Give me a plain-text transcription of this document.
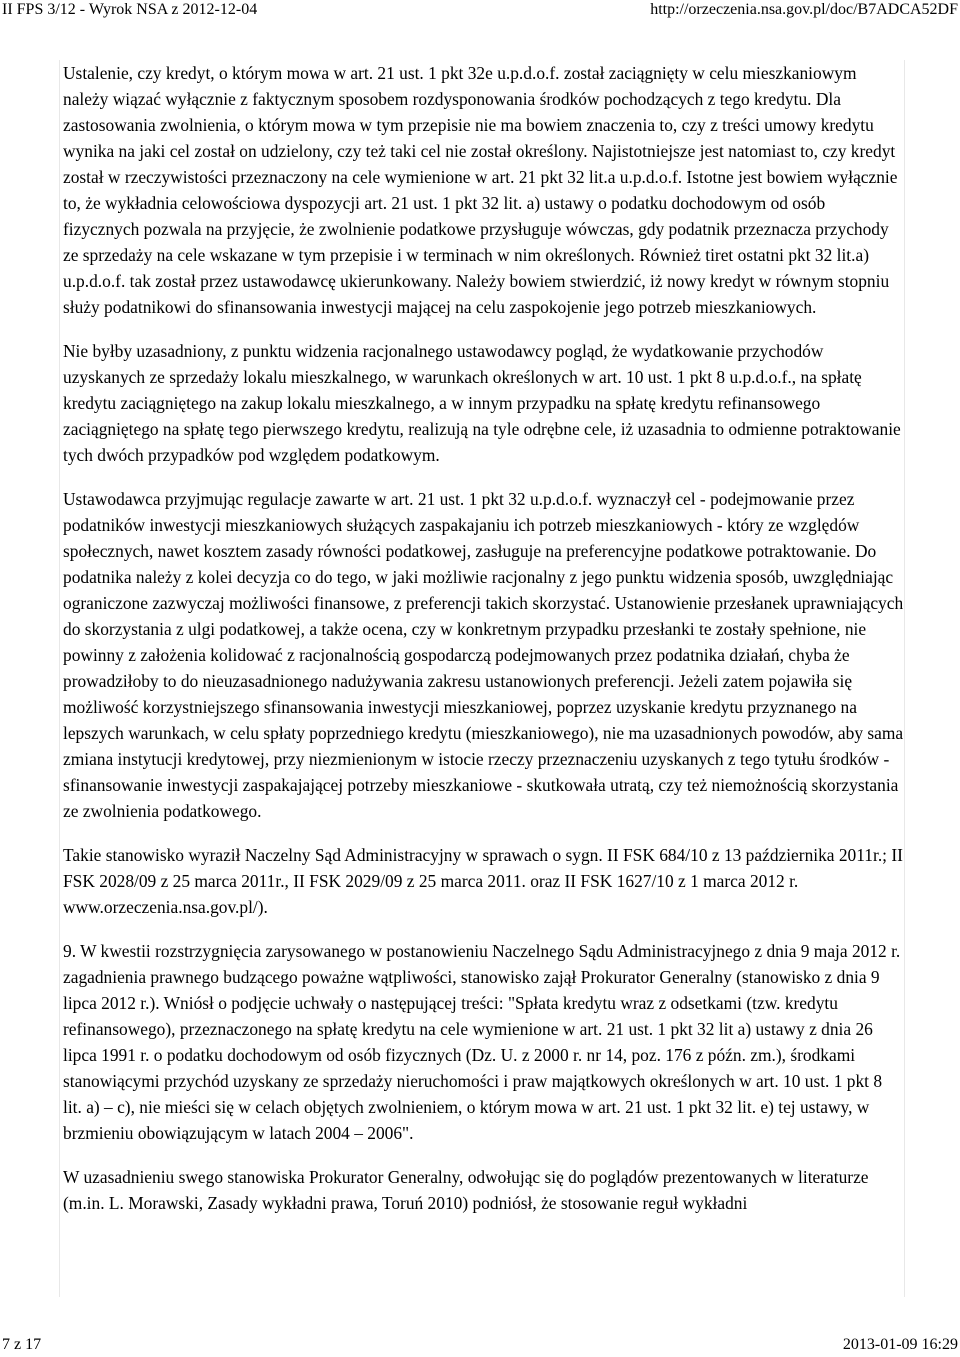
II FPS 3/12 - Wyrok NSA z 2012-12-04	http://orzeczenia.nsa.gov.pl/doc/B7ADCA52DF

Ustalenie, czy kredyt, o którym mowa w art. 21 ust. 1 pkt 32e u.p.d.o.f. został zaciągnięty w celu mieszkaniowym należy wiązać wyłącznie z faktycznym sposobem rozdysponowania środków pochodzących z tego kredytu. Dla zastosowania zwolnienia, o którym mowa w tym przepisie nie ma bowiem znaczenia to, czy z treści umowy kredytu wynika na jaki cel został on udzielony, czy też taki cel nie został określony. Najistotniejsze jest natomiast to, czy kredyt został w rzeczywistości przeznaczony na cele wymienione w art. 21 pkt 32 lit.a u.p.d.o.f. Istotne jest bowiem wyłącznie to, że wykładnia celowościowa dyspozycji art. 21 ust. 1 pkt 32 lit. a) ustawy o podatku dochodowym od osób fizycznych pozwala na przyjęcie, że zwolnienie podatkowe przysługuje wówczas, gdy podatnik przeznacza przychody ze sprzedaży na cele wskazane w tym przepisie i w terminach w nim określonych. Również tiret ostatni pkt 32 lit.a) u.p.d.o.f. tak został przez ustawodawcę ukierunkowany. Należy bowiem stwierdzić, iż nowy kredyt w równym stopniu służy podatnikowi do sfinansowania inwestycji mającej na celu zaspokojenie jego potrzeb mieszkaniowych.

Nie byłby uzasadniony, z punktu widzenia racjonalnego ustawodawcy pogląd, że wydatkowanie przychodów uzyskanych ze sprzedaży lokalu mieszkalnego, w warunkach określonych w art. 10 ust. 1 pkt 8 u.p.d.o.f., na spłatę kredytu zaciągniętego na zakup lokalu mieszkalnego, a w innym przypadku na spłatę kredytu refinansowego zaciągniętego na spłatę tego pierwszego kredytu, realizują na tyle odrębne cele, iż uzasadnia to odmienne potraktowanie tych dwóch przypadków pod względem podatkowym.

Ustawodawca przyjmując regulacje zawarte w art. 21 ust. 1 pkt 32 u.p.d.o.f. wyznaczył cel - podejmowanie przez podatników inwestycji mieszkaniowych służących zaspakajaniu ich potrzeb mieszkaniowych - który ze względów społecznych, nawet kosztem zasady równości podatkowej, zasługuje na preferencyjne podatkowe potraktowanie. Do podatnika należy z kolei decyzja co do tego, w jaki możliwie racjonalny z jego punktu widzenia sposób, uwzględniając ograniczone zazwyczaj możliwości finansowe, z preferencji takich skorzystać. Ustanowienie przesłanek uprawniających do skorzystania z ulgi podatkowej, a także ocena, czy w konkretnym przypadku przesłanki te zostały spełnione, nie powinny z założenia kolidować z racjonalnością gospodarczą podejmowanych przez podatnika działań, chyba że prowadziłoby to do nieuzasadnionego nadużywania zakresu ustanowionych preferencji. Jeżeli zatem pojawiła się możliwość korzystniejszego sfinansowania inwestycji mieszkaniowej, poprzez uzyskanie kredytu przyznanego na lepszych warunkach, w celu spłaty poprzedniego kredytu (mieszkaniowego), nie ma uzasadnionych powodów, aby sama zmiana instytucji kredytowej, przy niezmienionym w istocie rzeczy przeznaczeniu uzyskanych z tego tytułu środków - sfinansowanie inwestycji zaspakajającej potrzeby mieszkaniowe - skutkowała utratą, czy też niemożnością skorzystania ze zwolnienia podatkowego.

Takie stanowisko wyraził Naczelny Sąd Administracyjny w sprawach o sygn. II FSK 684/10 z 13 października 2011r.; II FSK 2028/09 z 25 marca 2011r., II FSK 2029/09 z 25 marca 2011. oraz II FSK 1627/10 z 1 marca 2012 r. www.orzeczenia.nsa.gov.pl/).

9. W kwestii rozstrzygnięcia zarysowanego w postanowieniu Naczelnego Sądu Administracyjnego z dnia 9 maja 2012 r. zagadnienia prawnego budzącego poważne wątpliwości, stanowisko zajął Prokurator Generalny (stanowisko z dnia 9 lipca 2012 r.). Wniósł o podjęcie uchwały o następującej treści: "Spłata kredytu wraz z odsetkami (tzw. kredytu refinansowego), przeznaczonego na spłatę kredytu na cele wymienione w art. 21 ust. 1 pkt 32 lit a) ustawy z dnia 26 lipca 1991 r. o podatku dochodowym od osób fizycznych (Dz. U. z 2000 r. nr 14, poz. 176 z późn. zm.), środkami stanowiącymi przychód uzyskany ze sprzedaży nieruchomości i praw majątkowych określonych w art. 10 ust. 1 pkt 8 lit. a) – c), nie mieści się w celach objętych zwolnieniem, o którym mowa w art. 21 ust. 1 pkt 32 lit. e) tej ustawy, w brzmieniu obowiązującym w latach 2004 – 2006".

W uzasadnieniu swego stanowiska Prokurator Generalny, odwołując się do poglądów prezentowanych w literaturze (m.in. L. Morawski, Zasady wykładni prawa, Toruń 2010) podniósł, że stosowanie reguł wykładni

7 z 17	2013-01-09 16:29
